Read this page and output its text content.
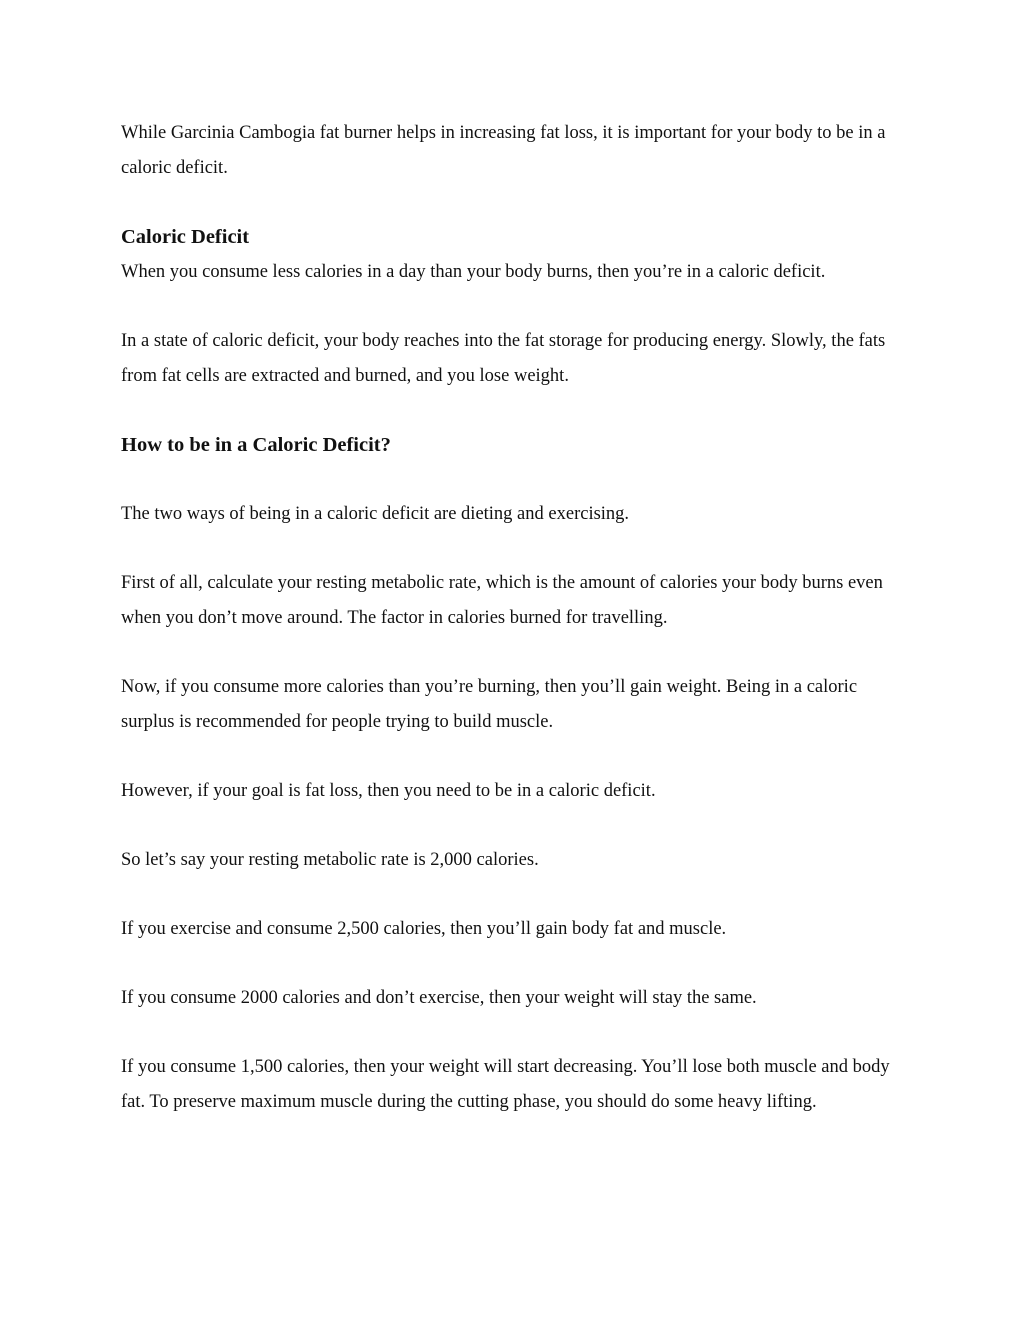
While Garcinia Cambogia fat burner helps in increasing fat loss, it is important for your body to be in a caloric deficit.

Caloric Deficit

When you consume less calories in a day than your body burns, then you’re in a caloric deficit.

In a state of caloric deficit, your body reaches into the fat storage for producing energy. Slowly, the fats from fat cells are extracted and burned, and you lose weight.

How to be in a Caloric Deficit?

The two ways of being in a caloric deficit are dieting and exercising.

First of all, calculate your resting metabolic rate, which is the amount of calories your body burns even when you don’t move around. The factor in calories burned for travelling.

Now, if you consume more calories than you’re burning, then you’ll gain weight. Being in a caloric surplus is recommended for people trying to build muscle.

However, if your goal is fat loss, then you need to be in a caloric deficit.

So let’s say your resting metabolic rate is 2,000 calories.

If you exercise and consume 2,500 calories, then you’ll gain body fat and muscle.

If you consume 2000 calories and don’t exercise, then your weight will stay the same.

If you consume 1,500 calories, then your weight will start decreasing. You’ll lose both muscle and body fat. To preserve maximum muscle during the cutting phase, you should do some heavy lifting.
